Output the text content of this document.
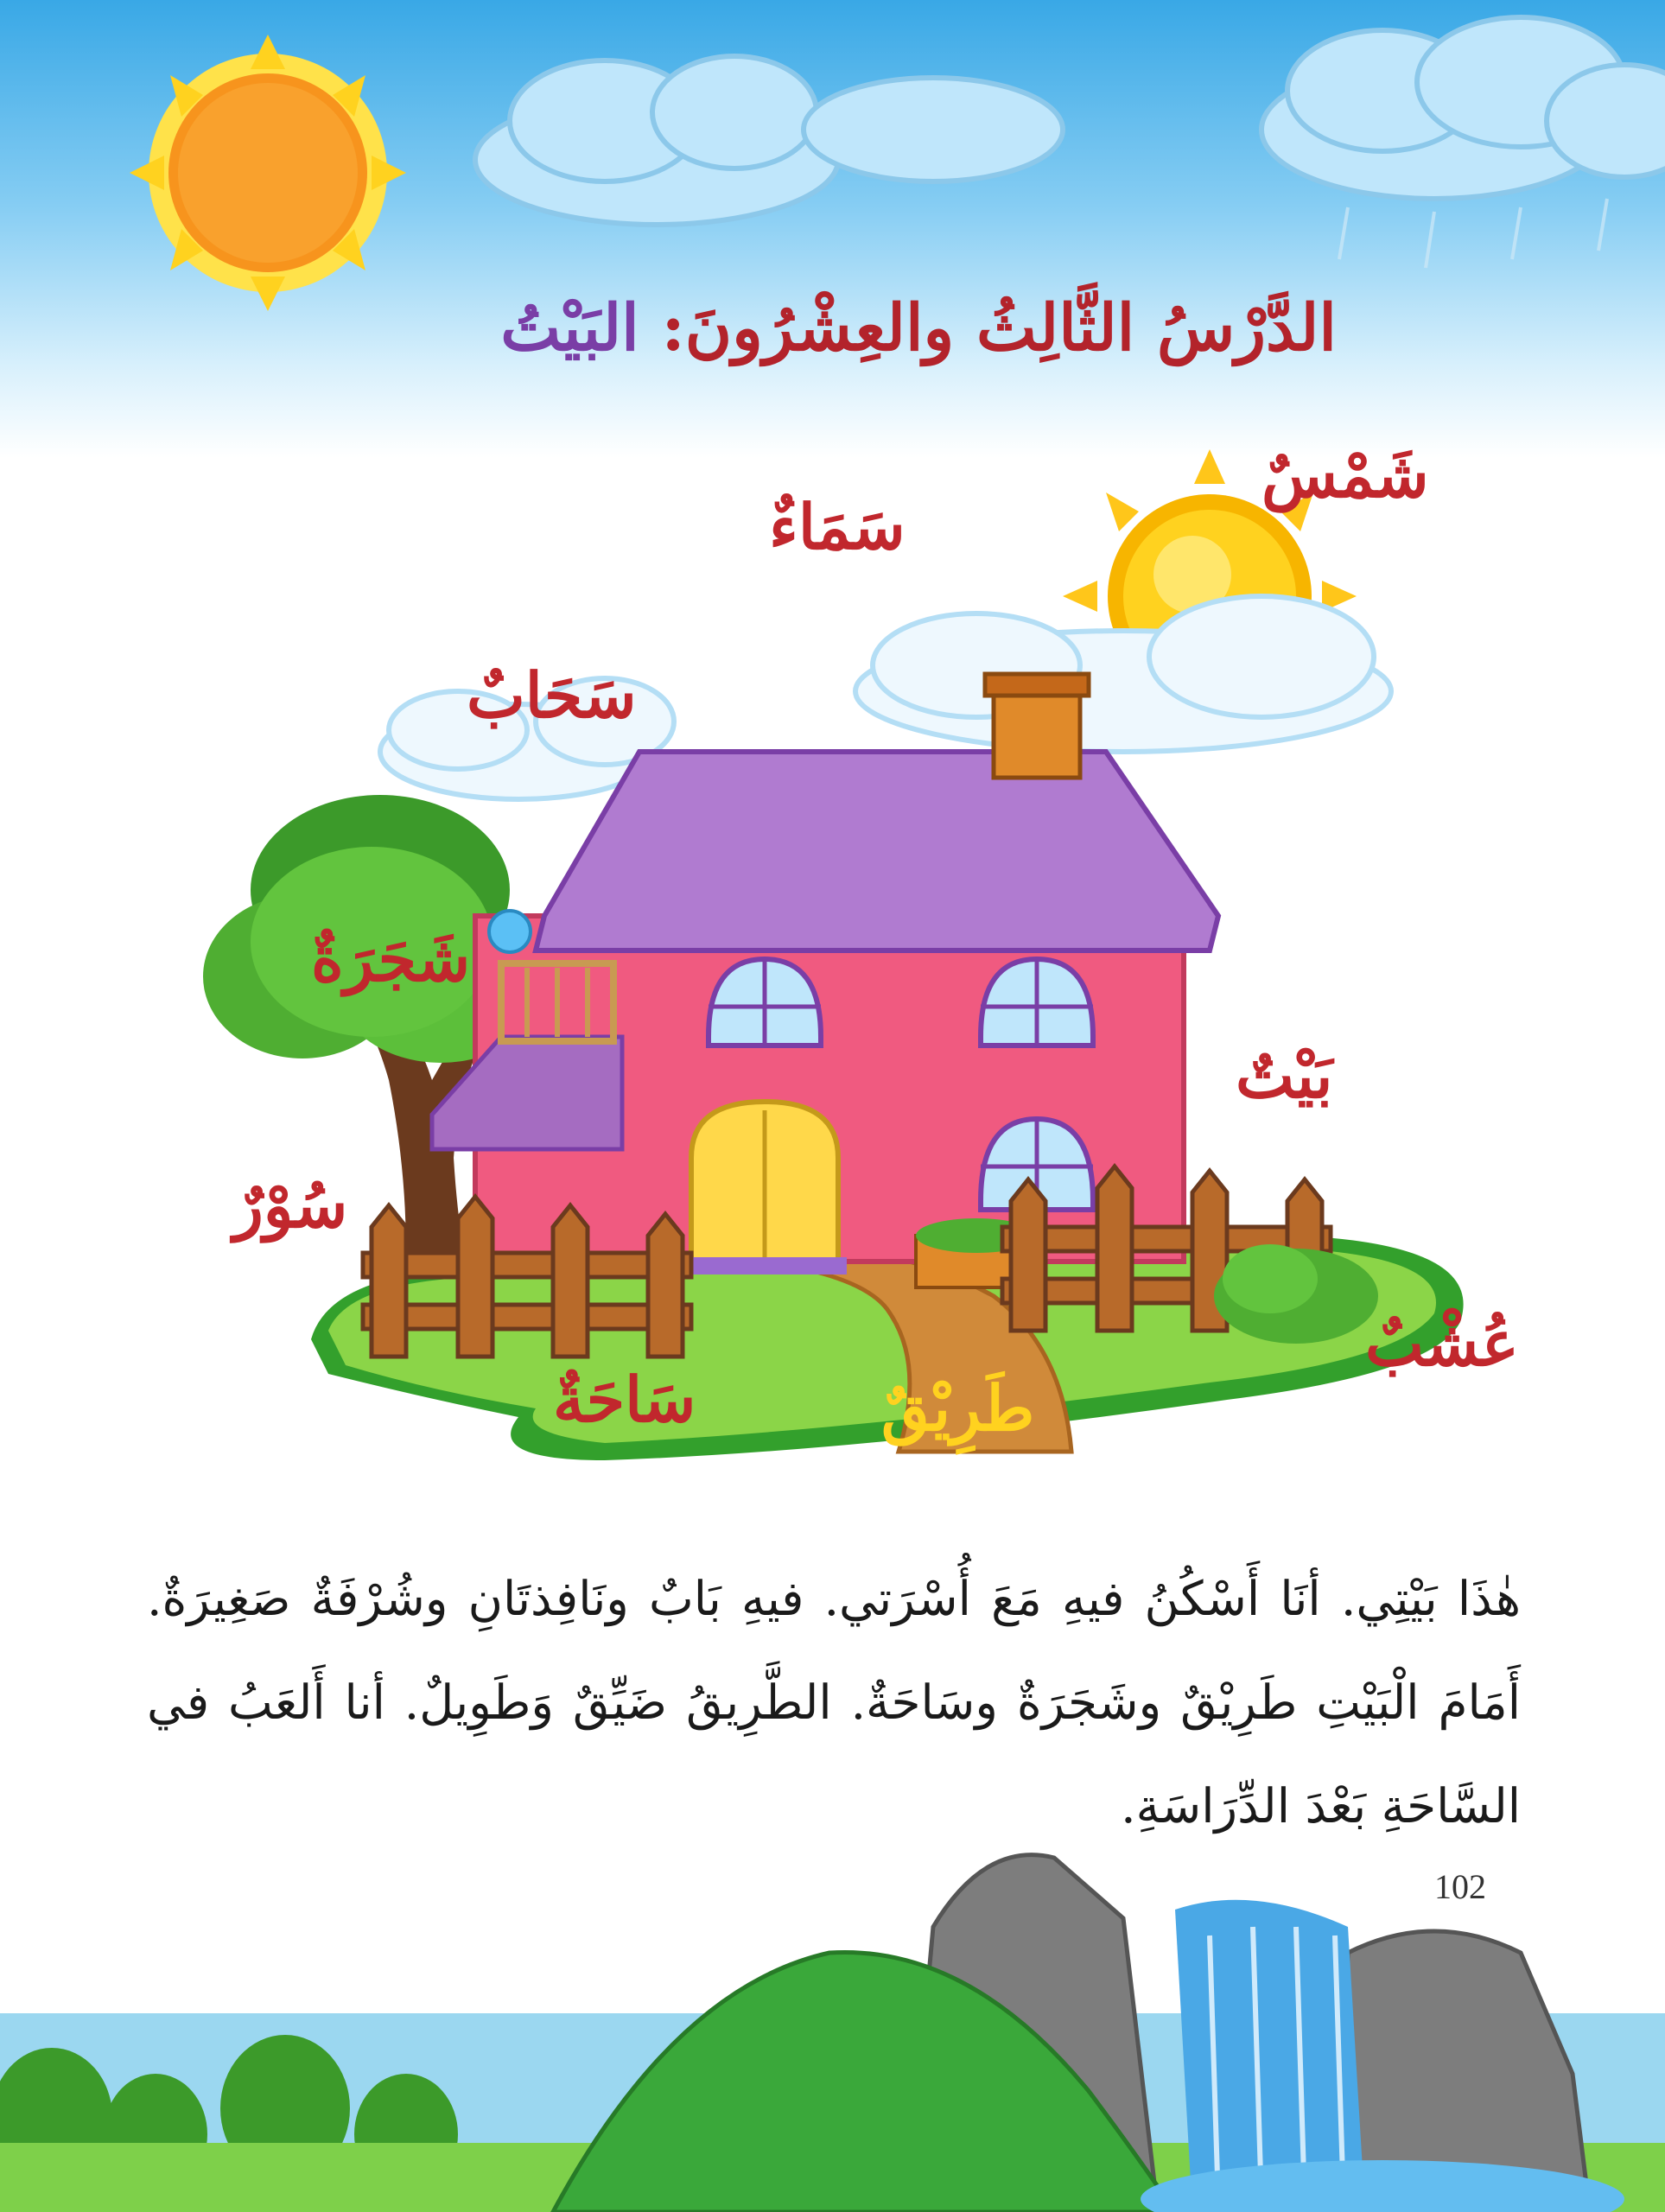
الدَّرْسُ الثَّالِثُ والعِشْرُونَ: البَيْتُ
شَمْسٌ
سَمَاءٌ
سَحَابٌ
شَجَرَةٌ
بَيْتٌ
سُوْرٌ
عُشْبٌ
سَاحَةٌ	طَرِيْقٌ

هٰذَا بَيْتِي. أنَا أَسْكُنُ فيهِ مَعَ أُسْرَتي. فيهِ بَابٌ ونَافِذتَانِ وشُرْفَةٌ صَغِيرَةٌ. أَمَامَ الْبَيْتِ طَرِيْقٌ وشَجَرَةٌ وسَاحَةٌ. الطَّرِيقُ ضَيِّقٌ وَطَوِيلٌ. أنا أَلعَبُ في السَّاحَةِ بَعْدَ الدِّرَاسَةِ.

102
